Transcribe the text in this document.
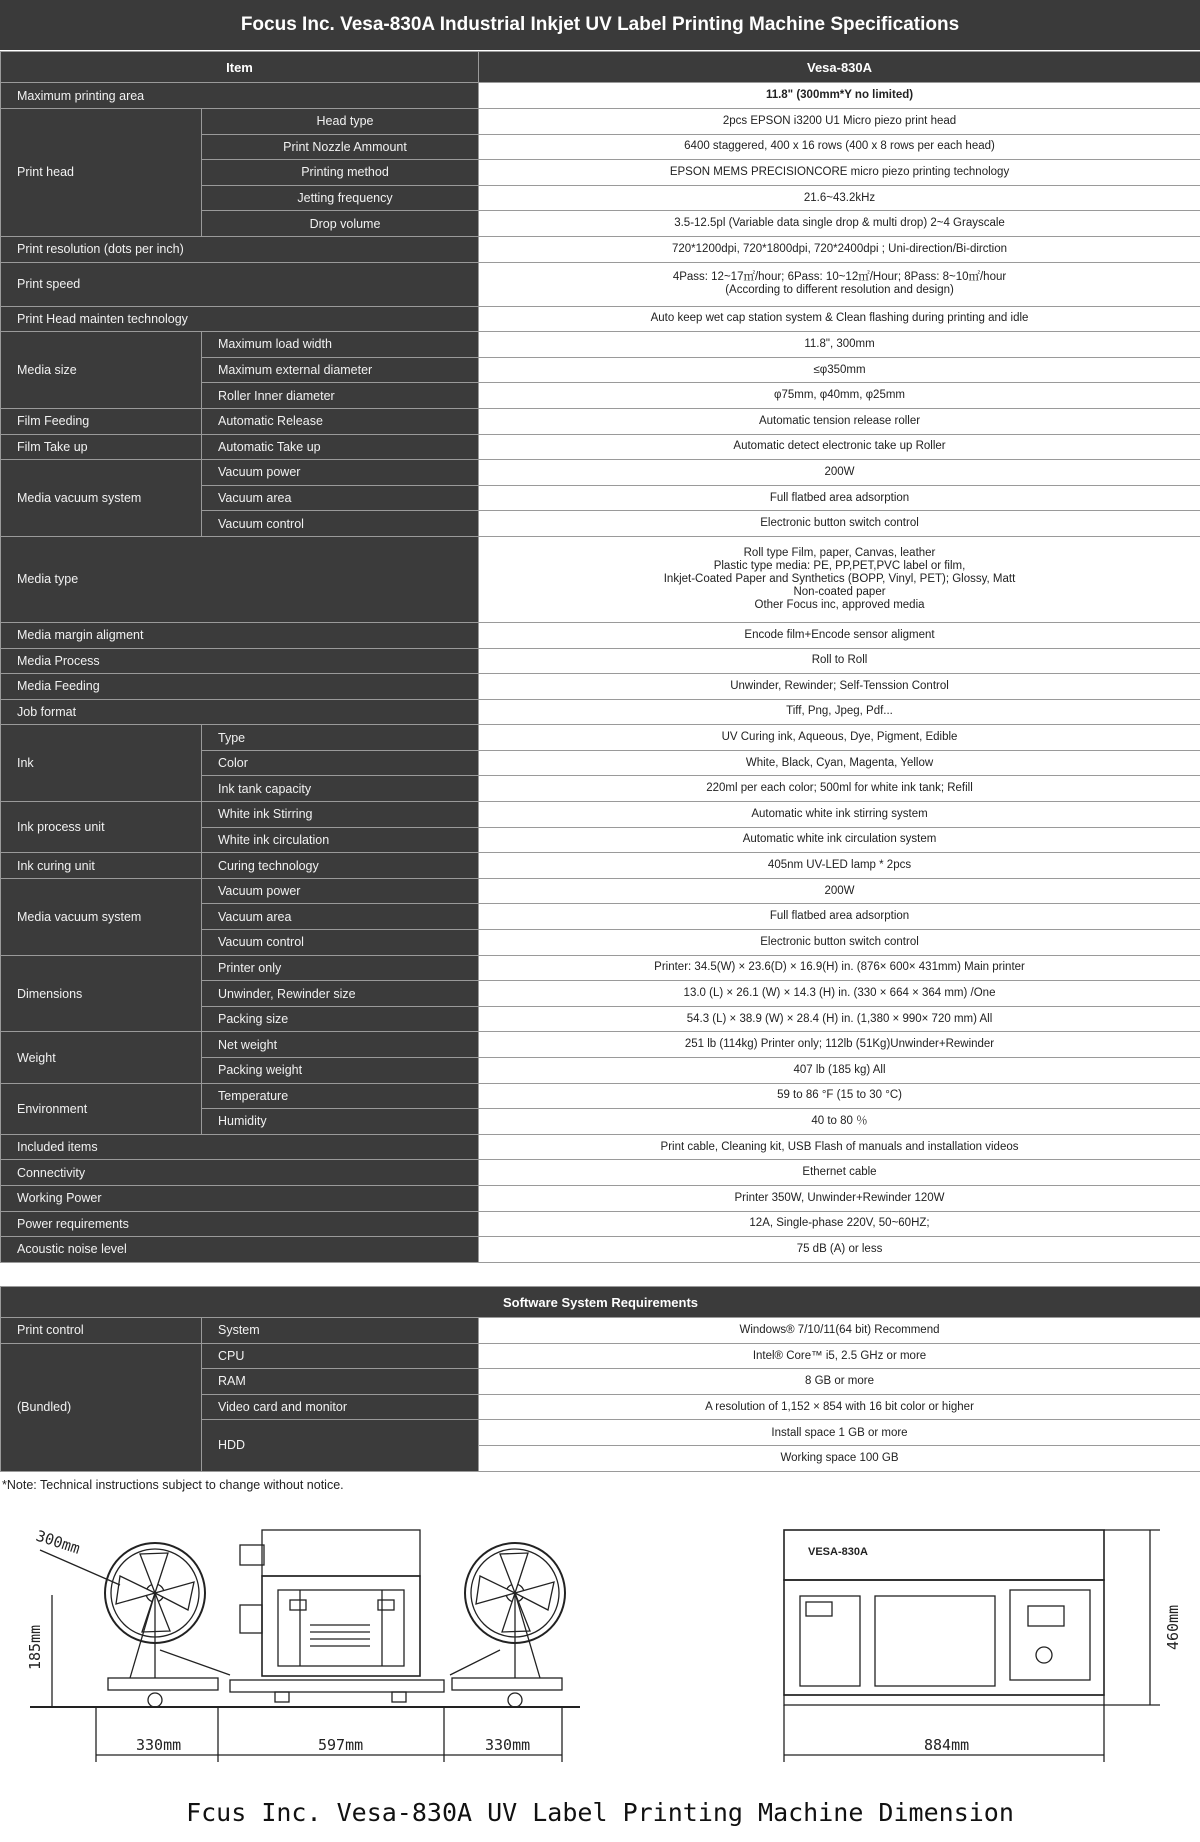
Focus Inc. Vesa-830A Industrial Inkjet UV Label Printing Machine Specifications
Item		Vesa-830A
Maximum printing area		11.8" (300mm*Y no limited)
Print head	Head type	2pcs EPSON i3200 U1 Micro piezo print head
	Print Nozzle Ammount	6400 staggered, 400 x 16 rows (400 x 8 rows per each head)
	Printing method	EPSON MEMS PRECISIONCORE micro piezo printing technology
	Jetting frequency	21.6~43.2kHz
	Drop volume	3.5-12.5pl (Variable data single drop & multi drop) 2~4 Grayscale
Print resolution (dots per inch)		720*1200dpi, 720*1800dpi, 720*2400dpi ; Uni-direction/Bi-dirction
Print speed		4Pass: 12~17㎡/hour; 6Pass: 10~12㎡/Hour; 8Pass: 8~10㎡/hour
(According to different resolution and design)
Print Head mainten technology		Auto keep wet cap station system & Clean flashing during printing and idle
Media size	Maximum load width	11.8", 300mm
	Maximum external diameter	≤φ350mm
	Roller Inner diameter	φ75mm, φ40mm, φ25mm
Film Feeding	Automatic Release	Automatic tension release roller
Film Take up	Automatic Take up	Automatic detect electronic take up Roller
Media vacuum system	Vacuum power	200W
	Vacuum area	Full flatbed area adsorption
	Vacuum control	Electronic button switch control
Media type		Roll type Film, paper, Canvas, leather
Plastic type media: PE, PP,PET,PVC label or film,
Inkjet-Coated Paper and Synthetics (BOPP, Vinyl, PET); Glossy, Matt
Non-coated paper
Other Focus inc, approved media
Media margin aligment		Encode film+Encode sensor aligment
Media Process		Roll to Roll
Media Feeding		Unwinder, Rewinder; Self-Tenssion Control
Job format		Tiff, Png, Jpeg, Pdf...
Ink	Type	UV Curing ink, Aqueous, Dye, Pigment, Edible
	Color	White, Black, Cyan, Magenta, Yellow
	Ink tank capacity	220ml per each color; 500ml for white ink tank; Refill
Ink process unit	White ink Stirring	Automatic white ink stirring system
	White ink circulation	Automatic white ink circulation system
Ink curing unit	Curing technology	405nm UV-LED lamp * 2pcs
Media vacuum system	Vacuum power	200W
	Vacuum area	Full flatbed area adsorption
	Vacuum control	Electronic button switch control
Dimensions	Printer only	Printer: 34.5(W) × 23.6(D) × 16.9(H) in. (876× 600× 431mm) Main printer
	Unwinder, Rewinder size	13.0 (L) × 26.1 (W) × 14.3 (H) in. (330 × 664 × 364 mm) /One
	Packing size	54.3 (L) × 38.9 (W) × 28.4 (H) in. (1,380 × 990× 720 mm) All
Weight	Net weight	251 lb (114kg) Printer only; 112lb (51Kg)Unwinder+Rewinder
	Packing weight	407 lb (185 kg) All
Environment	Temperature	59 to 86 °F (15 to 30 °C)
	Humidity	40 to 80 ％
Included items		Print cable, Cleaning kit, USB Flash of manuals and installation videos
Connectivity		Ethernet cable
Working Power		Printer 350W, Unwinder+Rewinder 120W
Power requirements		12A, Single-phase 220V, 50~60HZ;
Acoustic noise level		75 dB (A) or less
Software System Requirements		
Print control	System	Windows® 7/10/11(64 bit) Recommend
(Bundled)	CPU	Intel® Core™ i5, 2.5 GHz or more
	RAM	8 GB or more
	Video card and monitor	A resolution of 1,152 × 854 with 16 bit color or higher
	HDD	Install space 1 GB or more
		Working space 100 GB
*Note: Technical instructions subject to change without notice.
300mm
185mm
330mm	597mm	330mm
VESA-830A
460mm
884mm
Fcus Inc. Vesa-830A UV Label Printing Machine Dimension
